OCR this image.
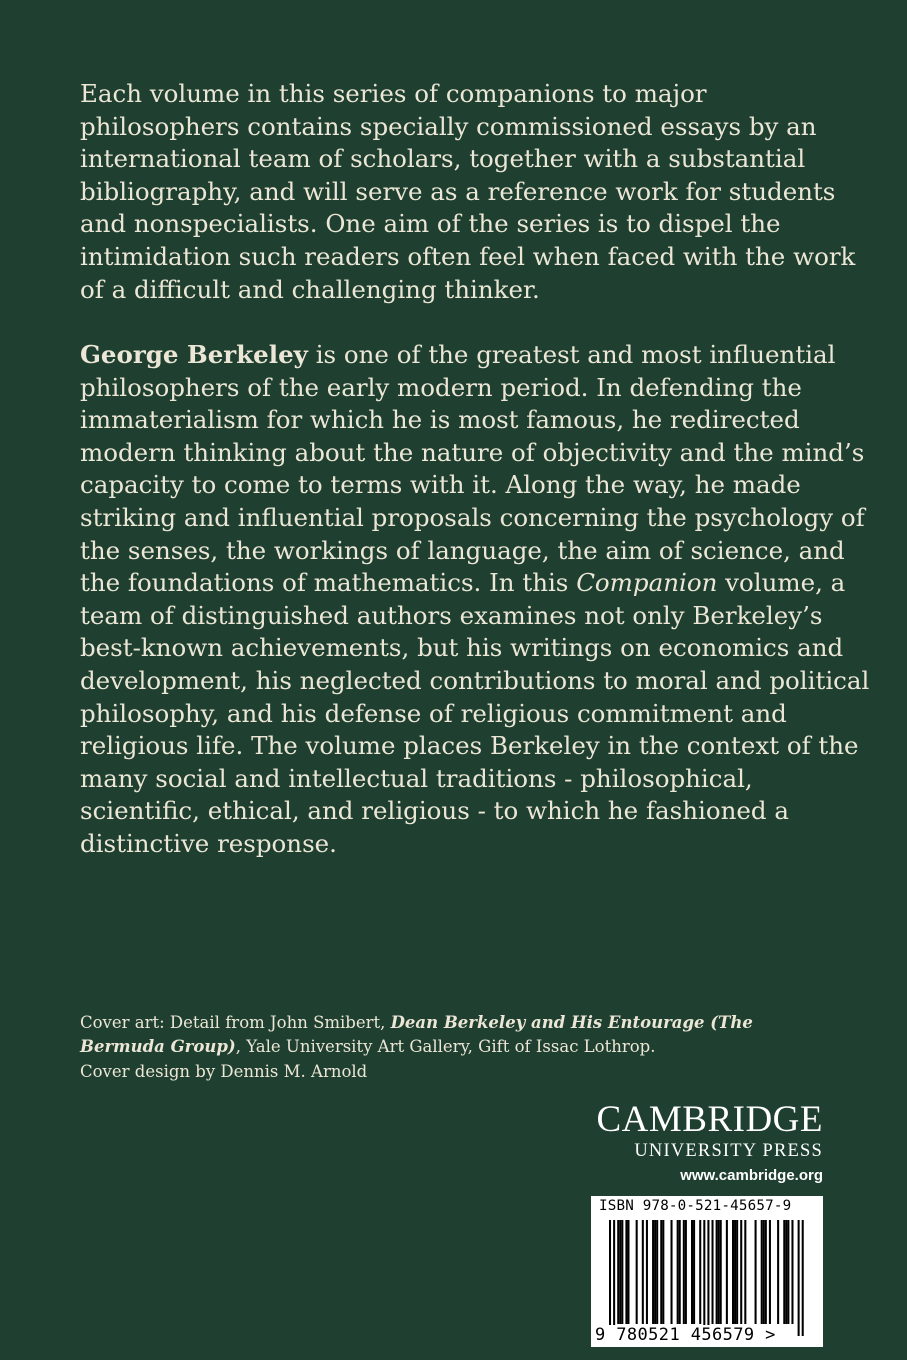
Each volume in this series of companions to major
philosophers contains specially commissioned essays by an
international team of scholars, together with a substantial
bibliography, and will serve as a reference work for students
and nonspecialists. One aim of the series is to dispel the
intimidation such readers often feel when faced with the work
of a difficult and challenging thinker.
George Berkeley is one of the greatest and most influential
philosophers of the early modern period. In defending the
immaterialism for which he is most famous, he redirected
modern thinking about the nature of objectivity and the mind’s
capacity to come to terms with it. Along the way, he made
striking and influential proposals concerning the psychology of
the senses, the workings of language, the aim of science, and
the foundations of mathematics. In this Companion volume, a
team of distinguished authors examines not only Berkeley’s
best-known achievements, but his writings on economics and
development, his neglected contributions to moral and political
philosophy, and his defense of religious commitment and
religious life. The volume places Berkeley in the context of the
many social and intellectual traditions - philosophical,
scientific, ethical, and religious - to which he fashioned a
distinctive response.
Cover art: Detail from John Smibert, Dean Berkeley and His Entourage (The
Bermuda Group), Yale University Art Gallery, Gift of Issac Lothrop.
Cover design by Dennis M. Arnold
CAMBRIDGE
UNIVERSITY PRESS
www.cambridge.org
ISBN 978-0-521-45657-9
9 780521 456579 >
